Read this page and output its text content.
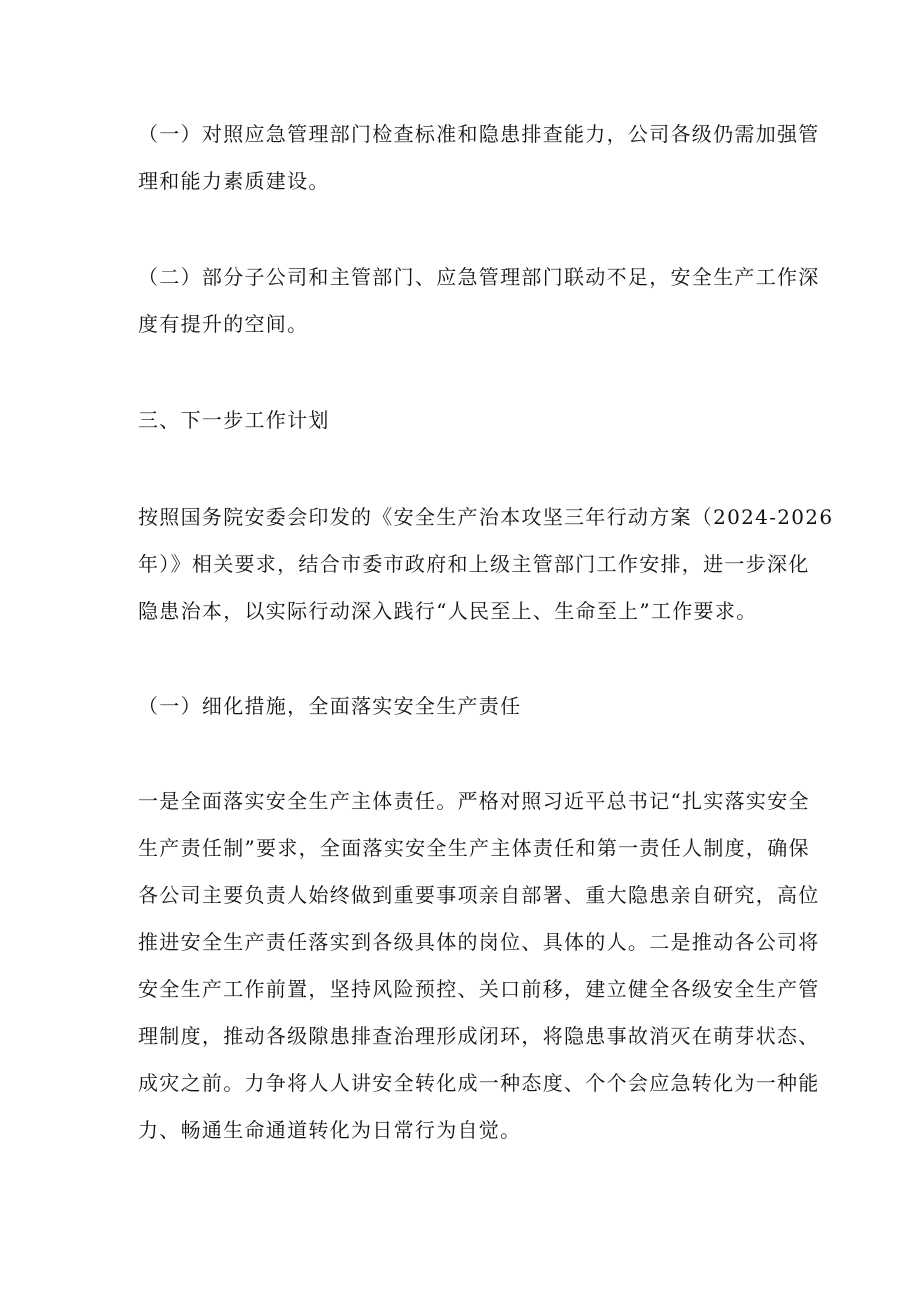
（一）对照应急管理部门检查标准和隐患排查能力，公司各级仍需加强管
理和能力素质建设。

（二）部分子公司和主管部门、应急管理部门联动不足，安全生产工作深
度有提升的空间。

三、下一步工作计划

按照国务院安委会印发的《安全生产治本攻坚三年行动方案（2024-2026
年）》相关要求，结合市委市政府和上级主管部门工作安排，进一步深化
隐患治本，以实际行动深入践行“人民至上、生命至上”工作要求。

（一）细化措施，全面落实安全生产责任

一是全面落实安全生产主体责任。严格对照习近平总书记“扎实落实安全
生产责任制”要求，全面落实安全生产主体责任和第一责任人制度，确保
各公司主要负责人始终做到重要事项亲自部署、重大隐患亲自研究，高位
推进安全生产责任落实到各级具体的岗位、具体的人。二是推动各公司将
安全生产工作前置，坚持风险预控、关口前移，建立健全各级安全生产管
理制度，推动各级隙患排查治理形成闭环，将隐患事故消灭在萌芽状态、
成灾之前。力争将人人讲安全转化成一种态度、个个会应急转化为一种能
力、畅通生命通道转化为日常行为自觉。
